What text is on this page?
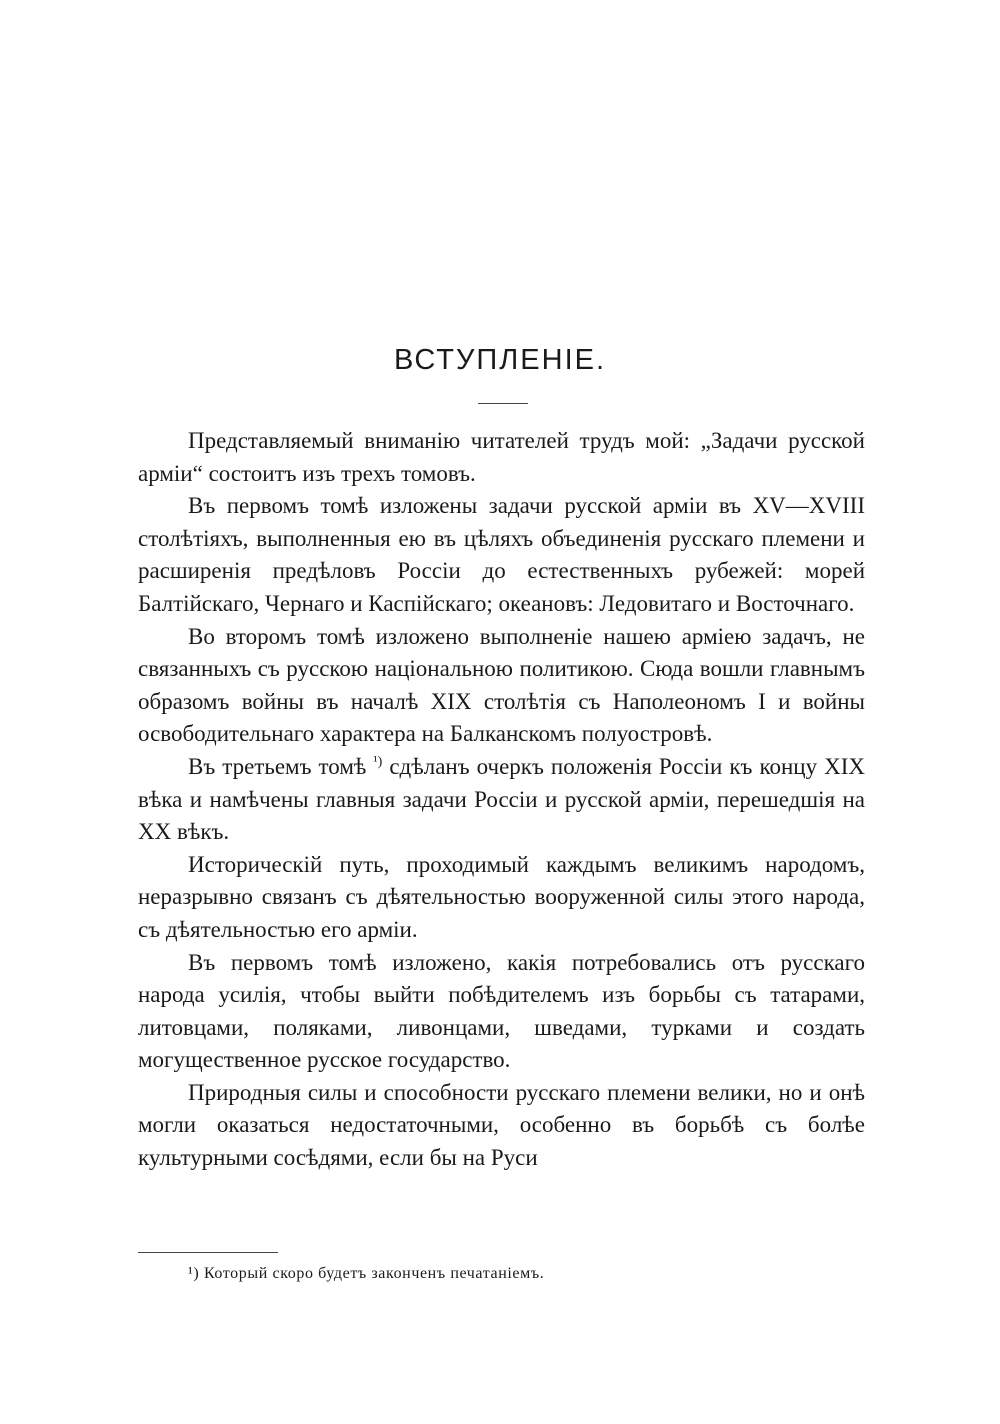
ВСТУПЛЕНІЕ.

Представляемый вниманію читателей трудъ мой: „Задачи русской арміи“ состоитъ изъ трехъ томовъ.

Въ первомъ томѣ изложены задачи русской арміи въ XV—XVIII столѣтіяхъ, выполненныя ею въ цѣляхъ объединенія русскаго племени и расширенія предѣловъ Россіи до естественныхъ рубежей: морей Балтійскаго, Чернаго и Каспійскаго; океановъ: Ледовитаго и Восточнаго.

Во второмъ томѣ изложено выполненіе нашею арміею задачъ, не связанныхъ съ русскою національною политикою. Сюда вошли главнымъ образомъ войны въ началѣ XIX столѣтія съ Наполеономъ I и войны освободительнаго характера на Балканскомъ полуостровѣ.

Въ третьемъ томѣ $^{^1)}$ сдѣланъ очеркъ положенія Россіи къ концу XIX вѣка и намѣчены главныя задачи Россіи и русской арміи, перешедшія на XX вѣкъ.

Историческій путь, проходимый каждымъ великимъ народомъ, неразрывно связанъ съ дѣятельностью вооруженной силы этого народа, съ дѣятельностью его арміи.

Въ первомъ томѣ изложено, какія потребовались отъ русскаго народа усилія, чтобы выйти побѣдителемъ изъ борьбы съ татарами, литовцами, поляками, ливонцами, шведами, турками и создать могущественное русское государство.

Природныя силы и способности русскаго племени велики, но и онѣ могли оказаться недостаточными, особенно въ борьбѣ съ болѣе культурными сосѣдями, если бы на Руси

¹) Который скоро будетъ законченъ печатаніемъ.
